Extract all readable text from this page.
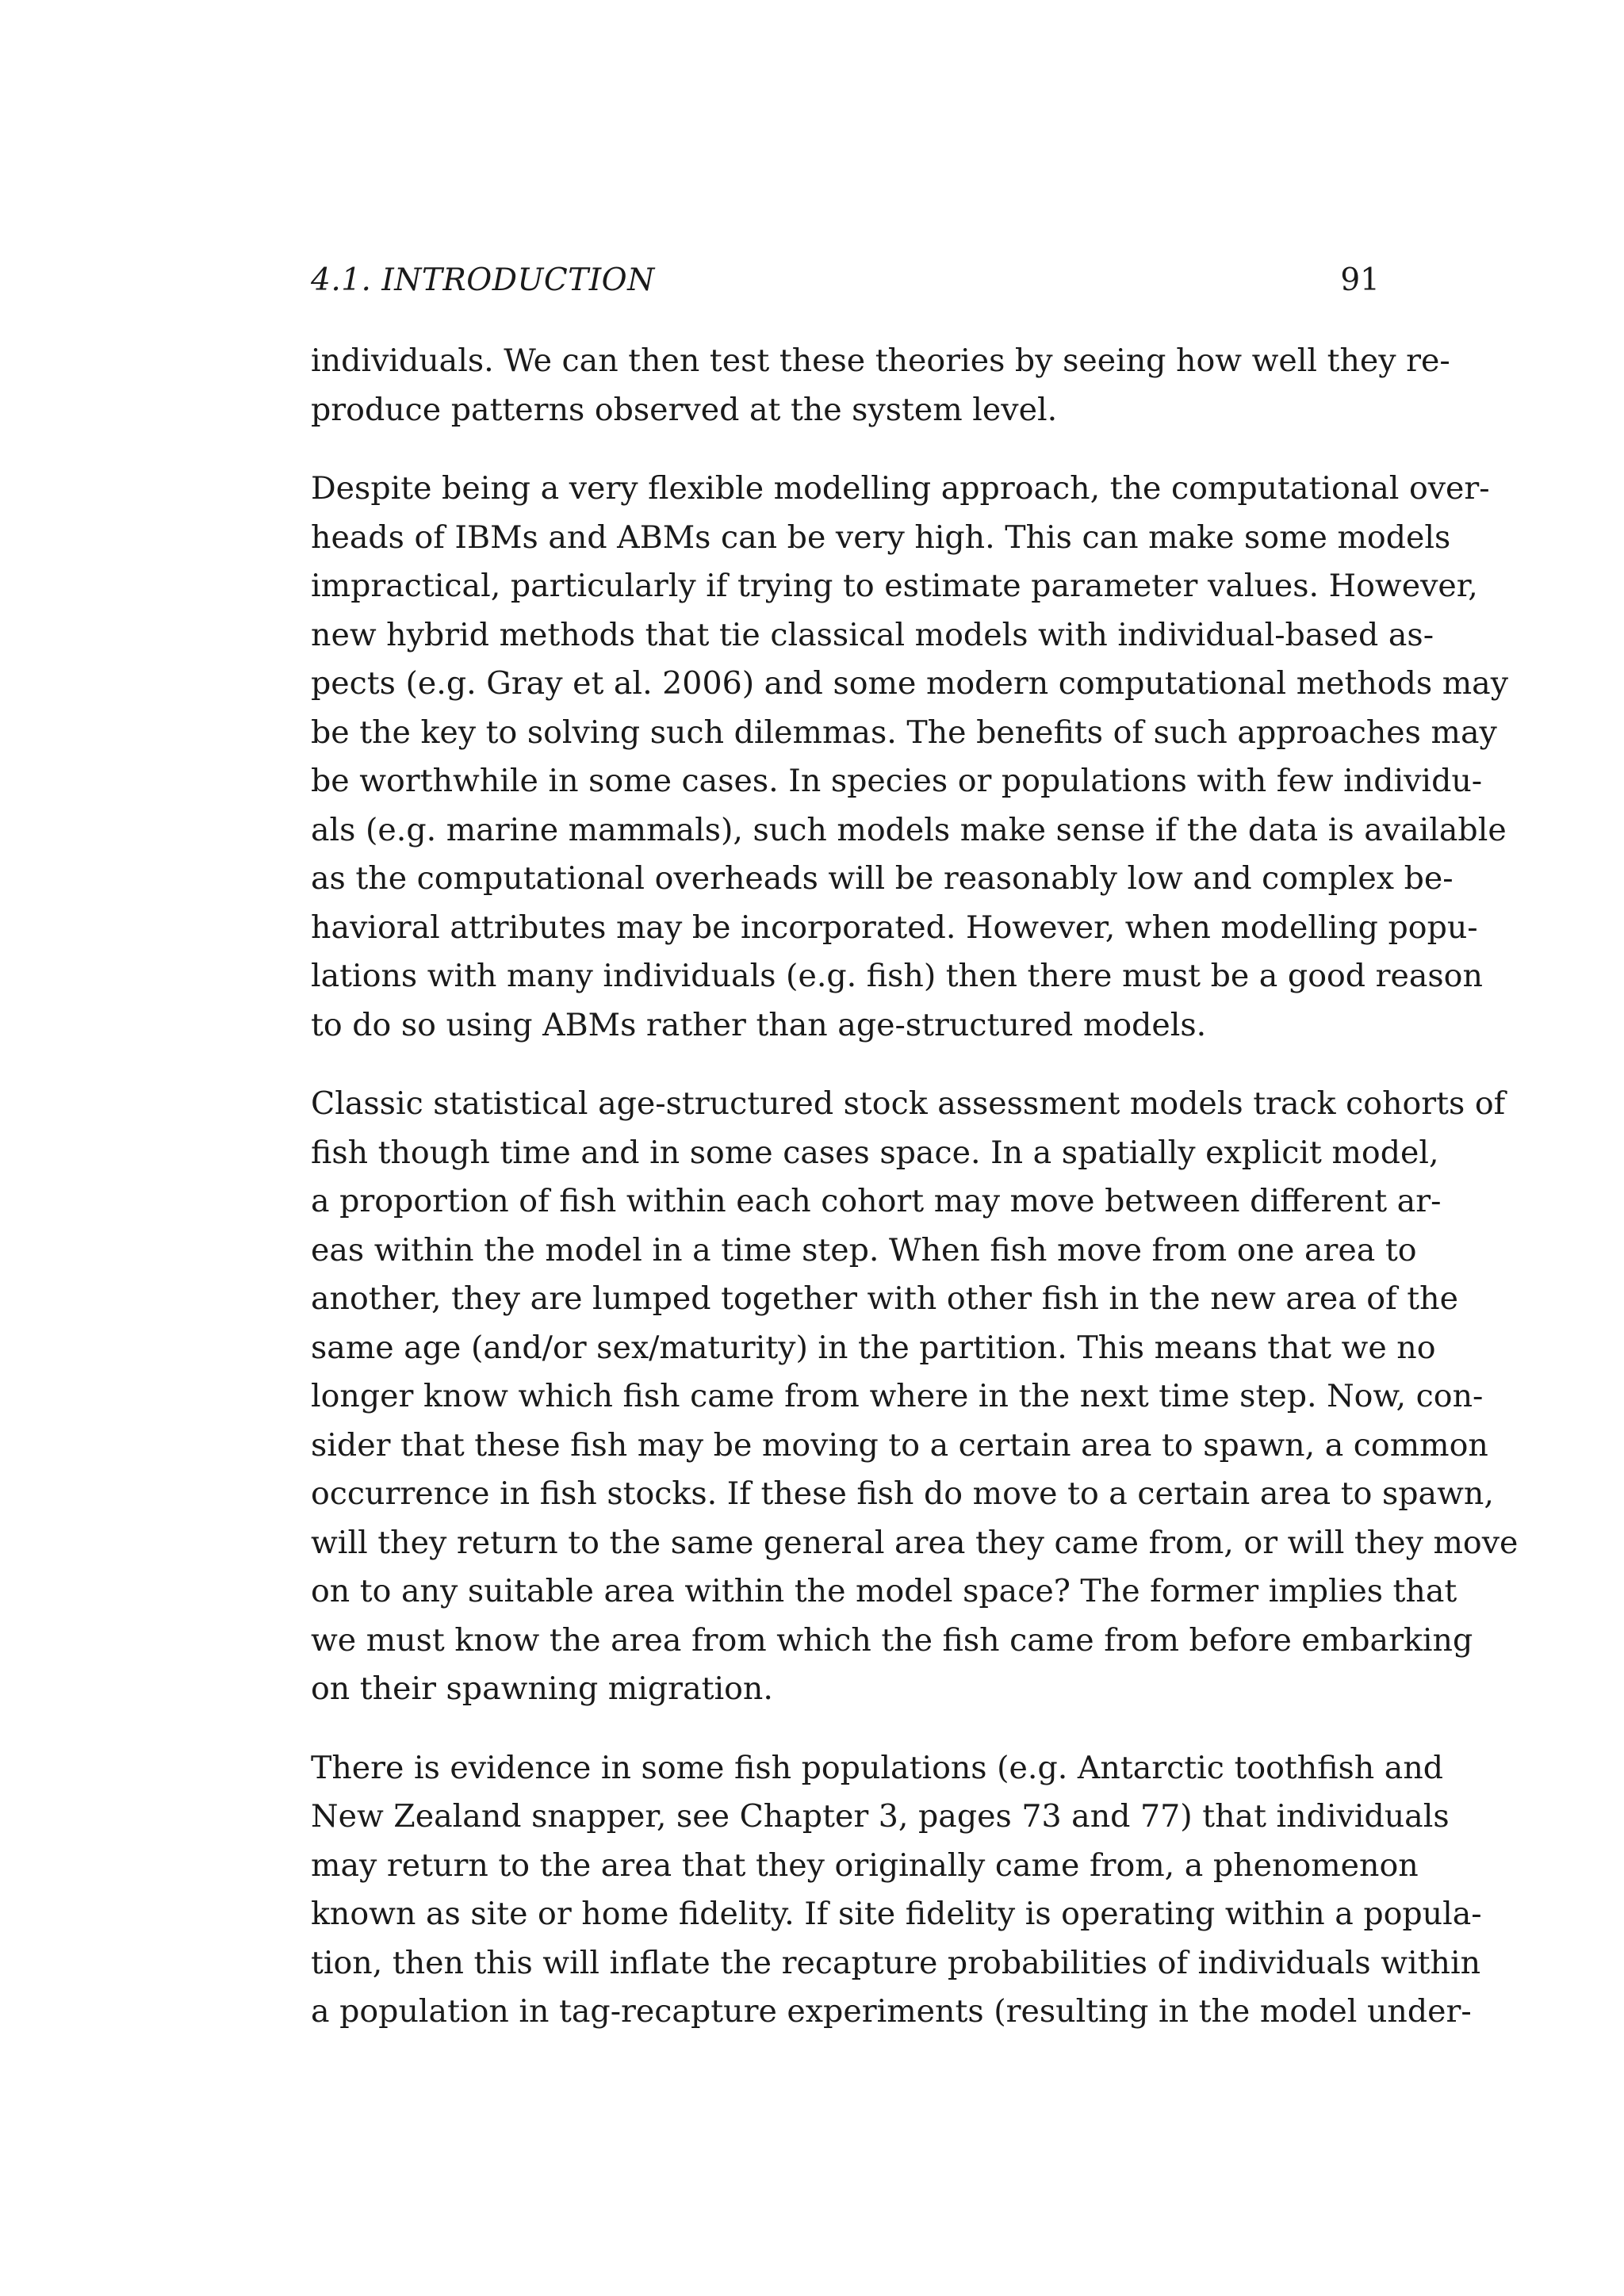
4.1. INTRODUCTION	91
individuals. We can then test these theories by seeing how well they re-
produce patterns observed at the system level.
Despite being a very flexible modelling approach, the computational over-
heads of IBMs and ABMs can be very high. This can make some models
impractical, particularly if trying to estimate parameter values. However,
new hybrid methods that tie classical models with individual-based as-
pects (e.g. Gray et al. 2006) and some modern computational methods may
be the key to solving such dilemmas. The benefits of such approaches may
be worthwhile in some cases. In species or populations with few individu-
als (e.g. marine mammals), such models make sense if the data is available
as the computational overheads will be reasonably low and complex be-
havioral attributes may be incorporated. However, when modelling popu-
lations with many individuals (e.g. fish) then there must be a good reason
to do so using ABMs rather than age-structured models.
Classic statistical age-structured stock assessment models track cohorts of
fish though time and in some cases space. In a spatially explicit model,
a proportion of fish within each cohort may move between different ar-
eas within the model in a time step. When fish move from one area to
another, they are lumped together with other fish in the new area of the
same age (and/or sex/maturity) in the partition. This means that we no
longer know which fish came from where in the next time step. Now, con-
sider that these fish may be moving to a certain area to spawn, a common
occurrence in fish stocks. If these fish do move to a certain area to spawn,
will they return to the same general area they came from, or will they move
on to any suitable area within the model space? The former implies that
we must know the area from which the fish came from before embarking
on their spawning migration.
There is evidence in some fish populations (e.g. Antarctic toothfish and
New Zealand snapper, see Chapter 3, pages 73 and 77) that individuals
may return to the area that they originally came from, a phenomenon
known as site or home fidelity. If site fidelity is operating within a popula-
tion, then this will inflate the recapture probabilities of individuals within
a population in tag-recapture experiments (resulting in the model under-
